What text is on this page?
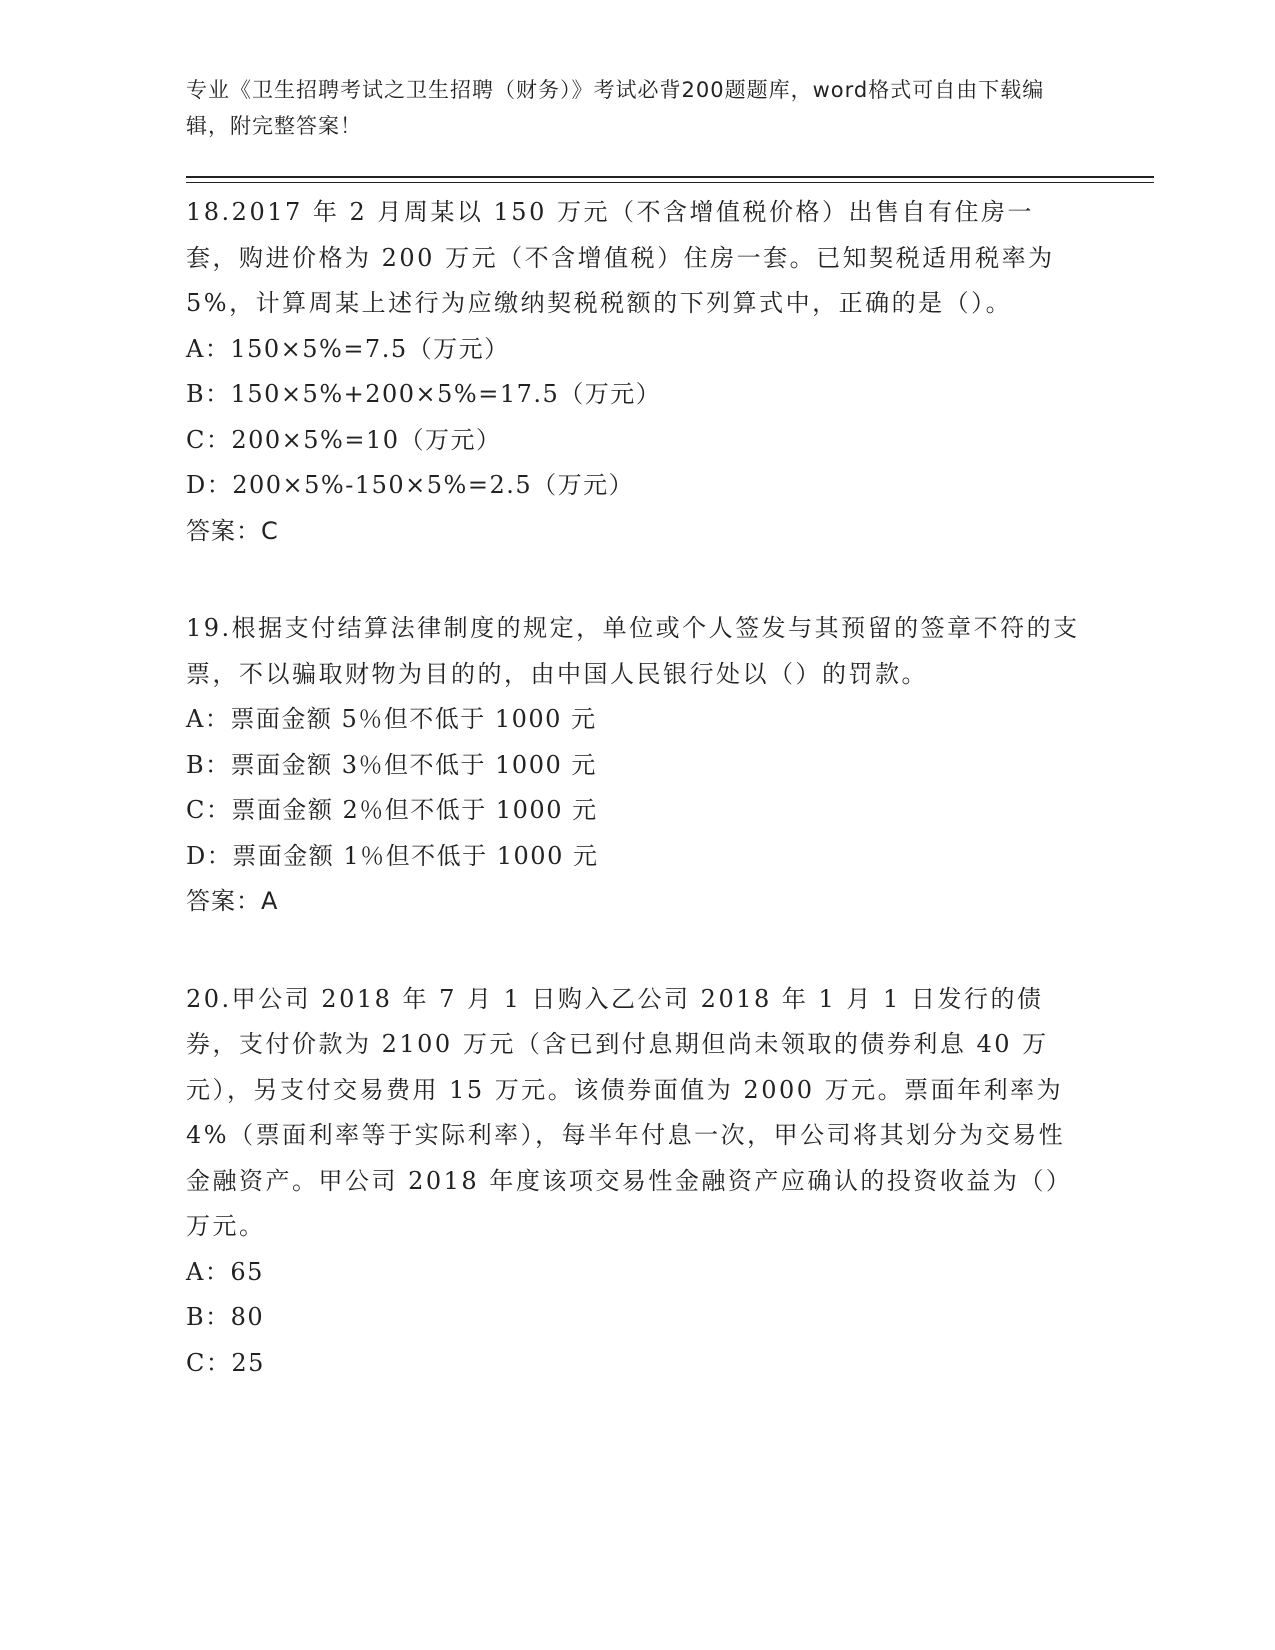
专业《卫生招聘考试之卫生招聘（财务）》考试必背200题题库，word格式可自由下载编辑，附完整答案！

18.2017 年 2 月周某以 150 万元（不含增值税价格）出售自有住房一套，购进价格为 200 万元（不含增值税）住房一套。已知契税适用税率为 5%，计算周某上述行为应缴纳契税税额的下列算式中，正确的是（）。

A：150×5%=7.5（万元）

B：150×5%+200×5%=17.5（万元）

C：200×5%=10（万元）

D：200×5%-150×5%=2.5（万元）

答案：C

19.根据支付结算法律制度的规定，单位或个人签发与其预留的签章不符的支票，不以骗取财物为目的的，由中国人民银行处以（）的罚款。

A：票面金额 5％但不低于 1000 元

B：票面金额 3％但不低于 1000 元

C：票面金额 2％但不低于 1000 元

D：票面金额 1％但不低于 1000 元

答案：A

20.甲公司 2018 年 7 月 1 日购入乙公司 2018 年 1 月 1 日发行的债券，支付价款为 2100 万元（含已到付息期但尚未领取的债券利息 40 万元），另支付交易费用 15 万元。该债券面值为 2000 万元。票面年利率为 4%（票面利率等于实际利率），每半年付息一次，甲公司将其划分为交易性金融资产。甲公司 2018 年度该项交易性金融资产应确认的投资收益为（）万元。

A：65

B：80

C：25
